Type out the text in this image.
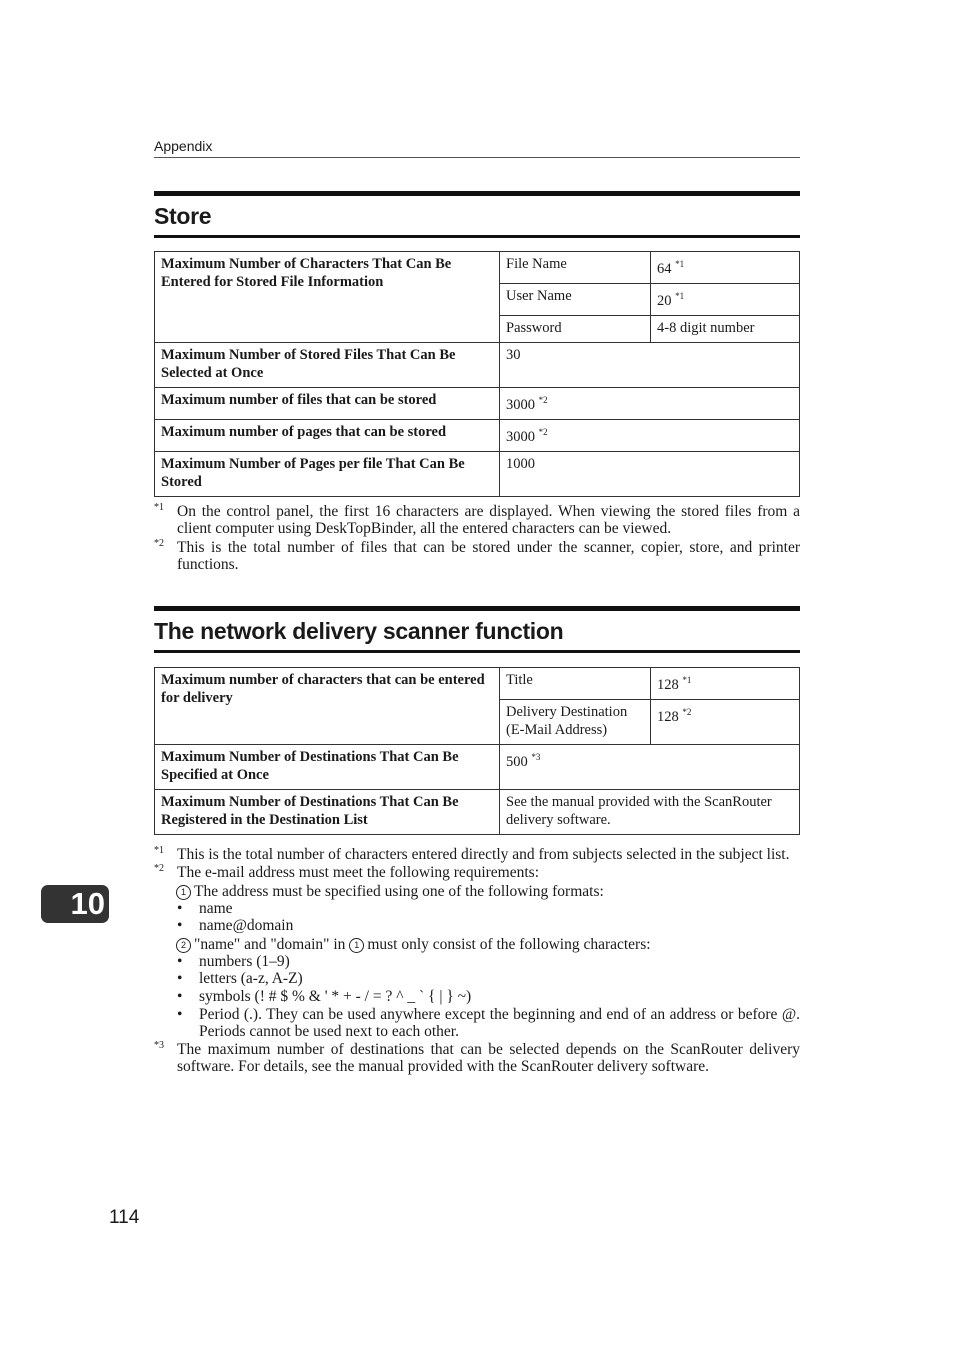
Appendix
Store
Maximum Number of Characters That Can Be Entered for Stored File Information	File Name	64 $^{*1}$
	User Name	20 $^{*1}$
	Password	4-8 digit number
Maximum Number of Stored Files That Can Be Selected at Once	30	
Maximum number of files that can be stored	3000 $^{*2}$
Maximum number of pages that can be stored	3000 $^{*2}$
Maximum Number of Pages per file That Can Be Stored	1000	
*1 On the control panel, the first 16 characters are displayed. When viewing the stored files from a client computer using DeskTopBinder, all the entered characters can be viewed.
*2 This is the total number of files that can be stored under the scanner, copier, store, and printer functions.
The network delivery scanner function
Maximum number of characters that can be entered for delivery	Title	128 $^{*1}$
	Delivery Destination (E-Mail Address)	128 $^{*2}$
Maximum Number of Destinations That Can Be Specified at Once	500 $^{*3}$
Maximum Number of Destinations That Can Be Registered in the Destination List	See the manual provided with the ScanRouter delivery software.	
*1 This is the total number of characters entered directly and from subjects selected in the subject list.
*2 The e-mail address must meet the following requirements:
1 The address must be specified using one of the following formats:
• name
• name@domain
2 "name" and "domain" in 1 must only consist of the following characters:
• numbers (1–9)
• letters (a-z, A-Z)
• symbols (! # $ % & ' * + - / = ? ^ _ ` { | } ~)
• Period (.). They can be used anywhere except the beginning and end of an address or before @. Periods cannot be used next to each other.
*3 The maximum number of destinations that can be selected depends on the ScanRouter delivery software. For details, see the manual provided with the ScanRouter delivery software.
10
114
